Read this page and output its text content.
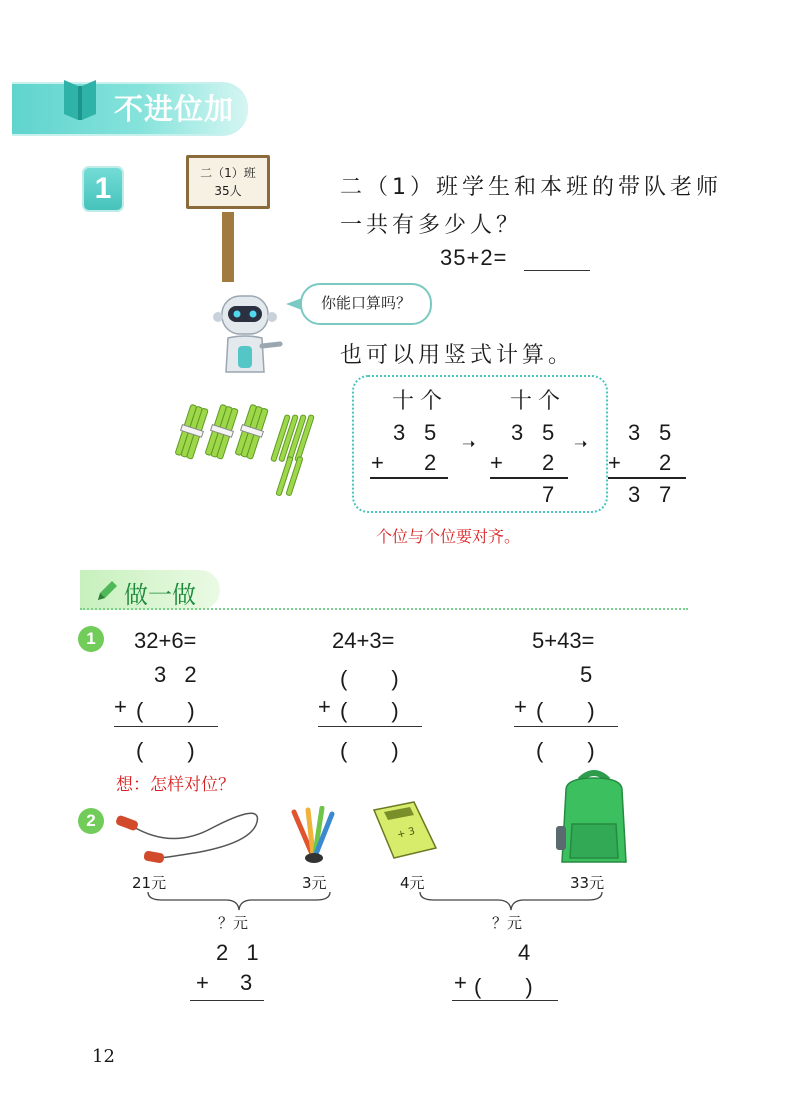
不进位加
1	二（1）班
35人	二（1）班学生和本班的带队老师
一共有多少人？
35+2=
你能口算吗？
也可以用竖式计算。
十 个
3 5
+ 2
➝
十 个
3 5
+ 2
7
➝ 3 5
+ 2
3 7
个位与个位要对齐。
做一做
1	32+6=
3 2
+ (　　)
(　　)
24+3=
(　　)
+ (　　)
(　　)
5+43=
5
+ (　　)
(　　)
想：怎样对位？
2
+ 3
21元	3元
？元
2 1
+ 3
4元	33元
？元
4
+ (　　)
12
